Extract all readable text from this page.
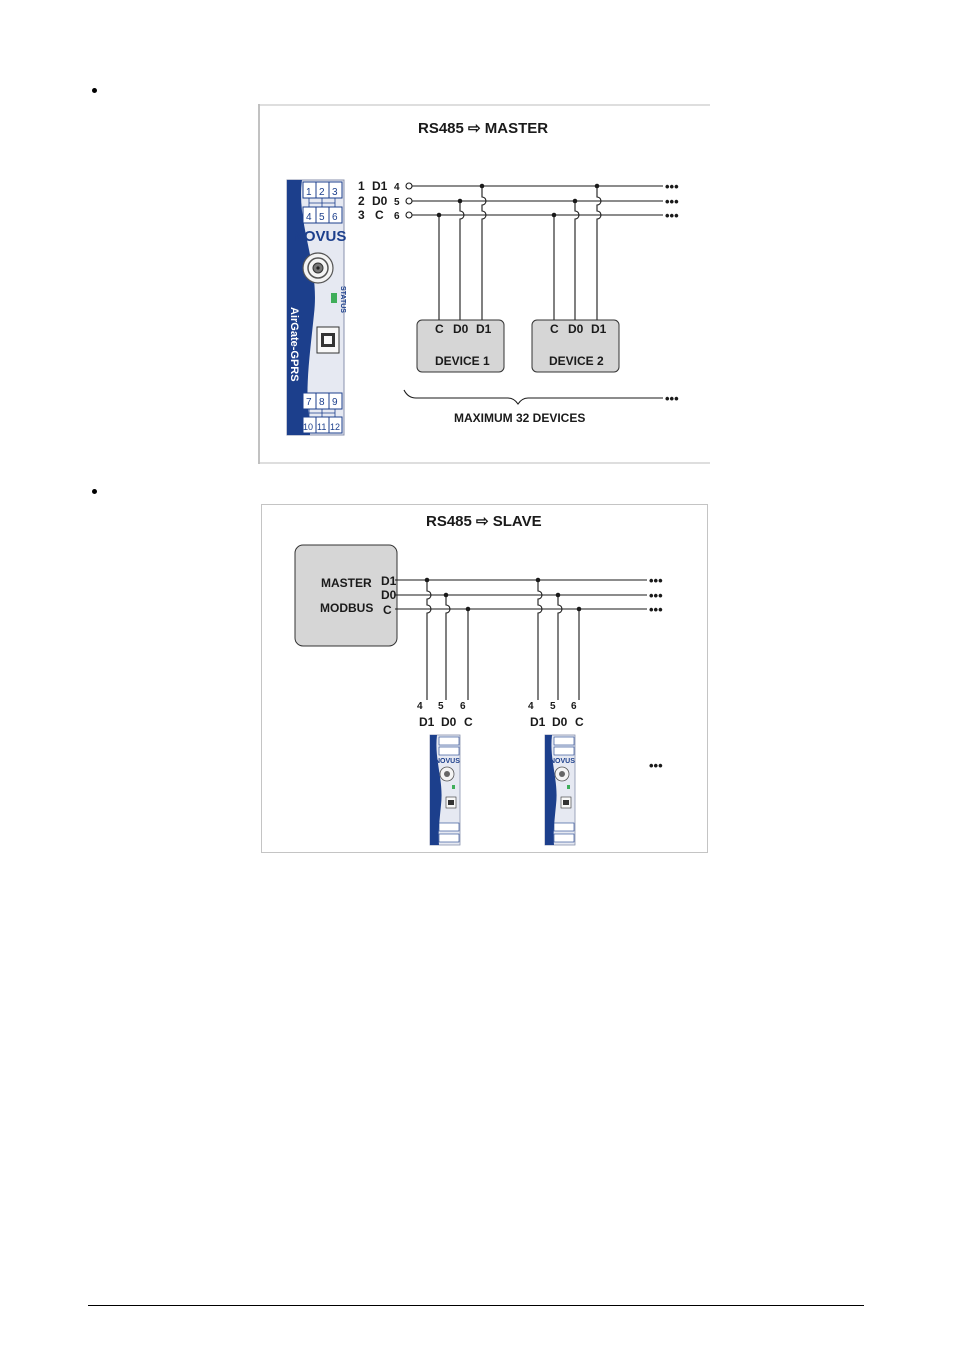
RS485 ⇨ MASTER
1 2 3
4 5 6
NOVUS
STATUS
AirGate-GPRS
7 8 9
10 11 12
1 D1 4
2 D0 5
3 C 6
•••
•••
•••
C D0 D1
DEVICE 1
C D0 D1
DEVICE 2
•••
MAXIMUM 32 DEVICES
RS485 ⇨ SLAVE
MASTER
MODBUS
D1
D0
C
•••
•••
•••
4 5 6
D1 D0 C
4 5 6
D1 D0 C
NOVUS	NOVUS	•••
